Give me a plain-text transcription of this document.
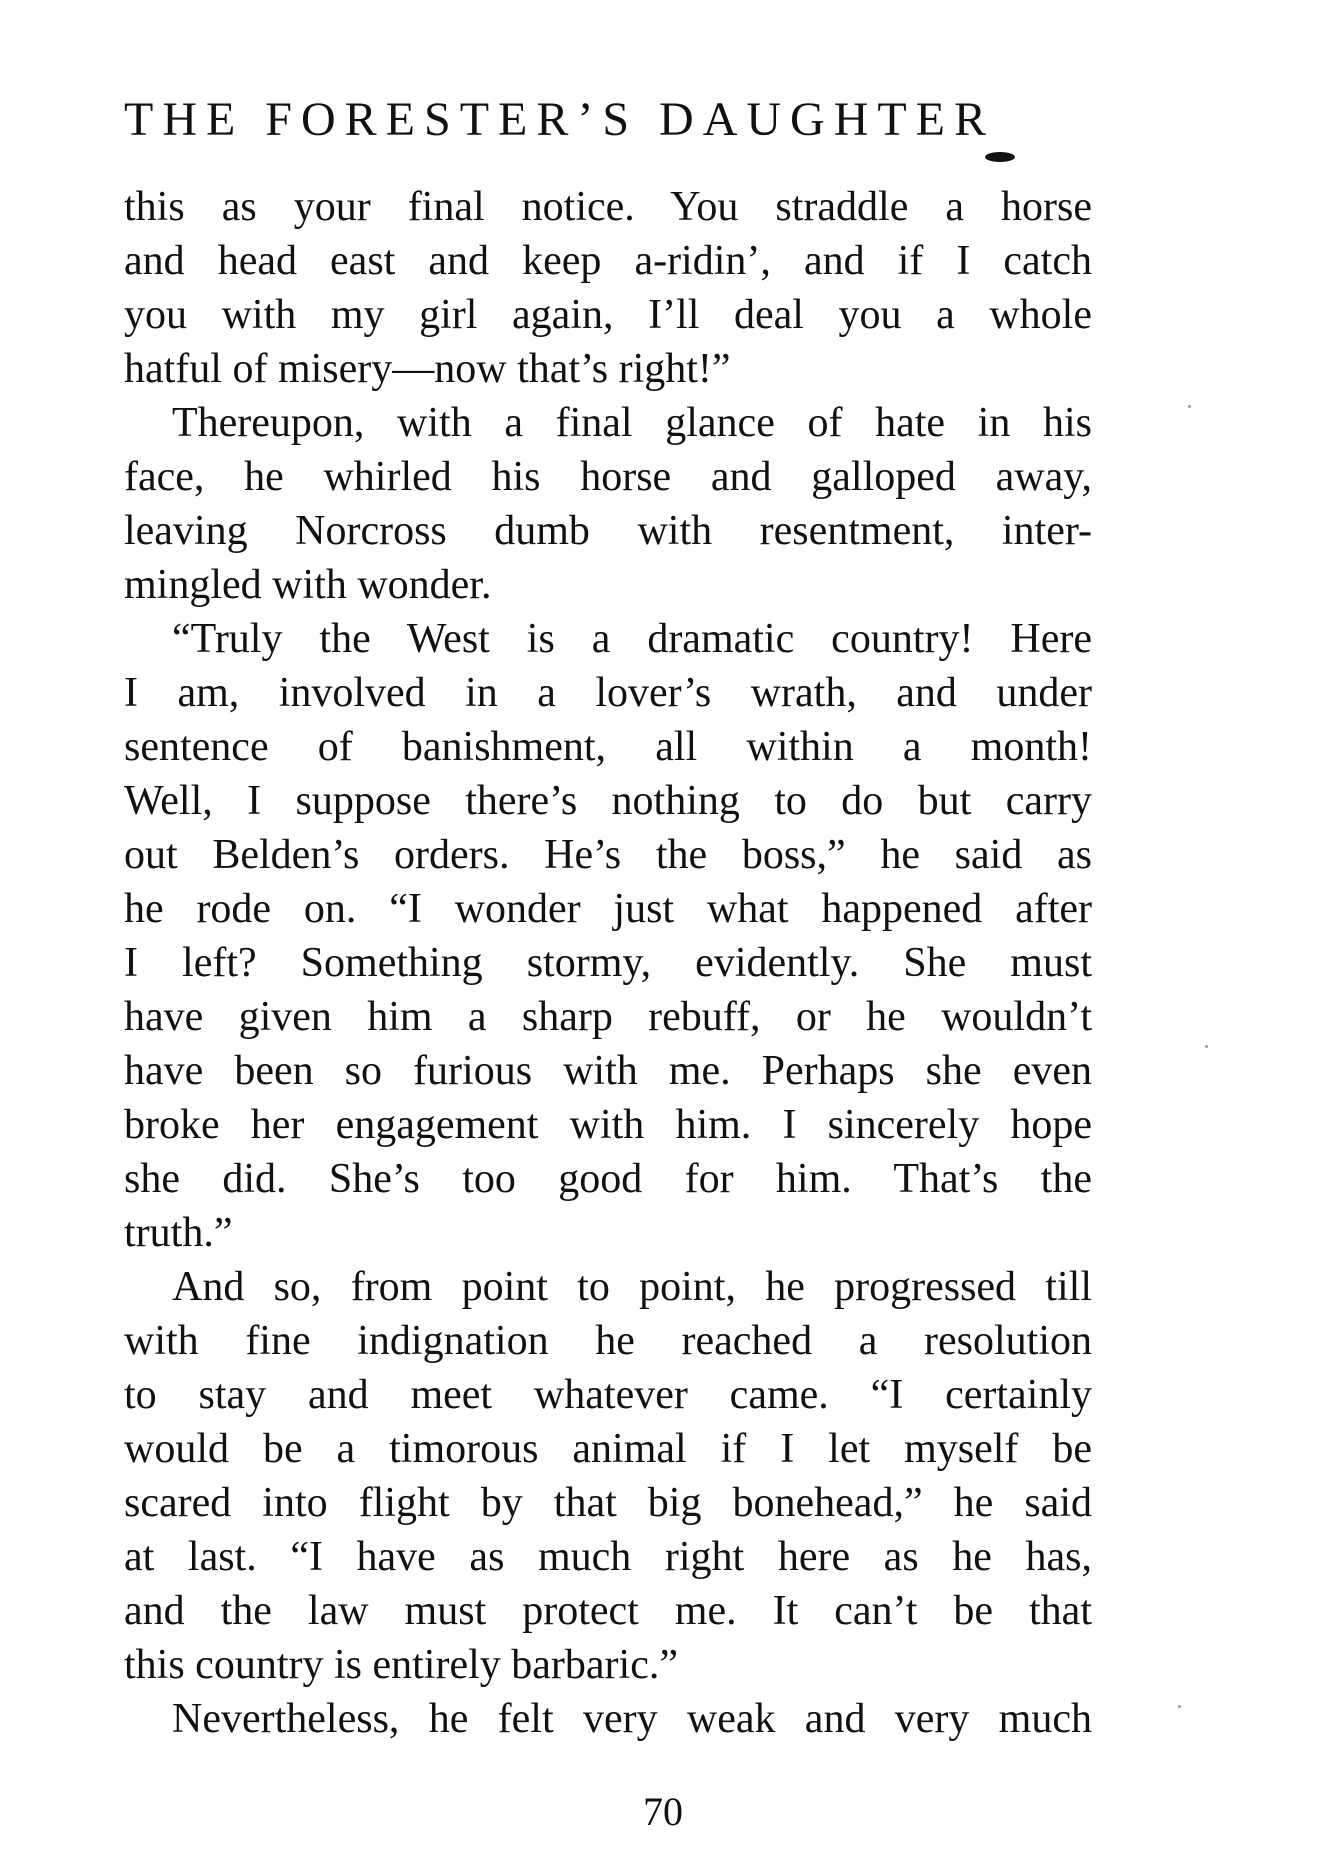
THE FORESTER’S DAUGHTER
this as your final notice. You straddle a horse
and head east and keep a-ridin’, and if I catch
you with my girl again, I’ll deal you a whole
hatful of misery—now that’s right!”
Thereupon, with a final glance of hate in his
face, he whirled his horse and galloped away,
leaving Norcross dumb with resentment, inter-
mingled with wonder.
“Truly the West is a dramatic country! Here
I am, involved in a lover’s wrath, and under
sentence of banishment, all within a month!
Well, I suppose there’s nothing to do but carry
out Belden’s orders. He’s the boss,” he said as
he rode on. “I wonder just what happened after
I left? Something stormy, evidently. She must
have given him a sharp rebuff, or he wouldn’t
have been so furious with me. Perhaps she even
broke her engagement with him. I sincerely hope
she did. She’s too good for him. That’s the
truth.”
And so, from point to point, he progressed till
with fine indignation he reached a resolution
to stay and meet whatever came. “I certainly
would be a timorous animal if I let myself be
scared into flight by that big bonehead,” he said
at last. “I have as much right here as he has,
and the law must protect me. It can’t be that
this country is entirely barbaric.”
Nevertheless, he felt very weak and very much
70
